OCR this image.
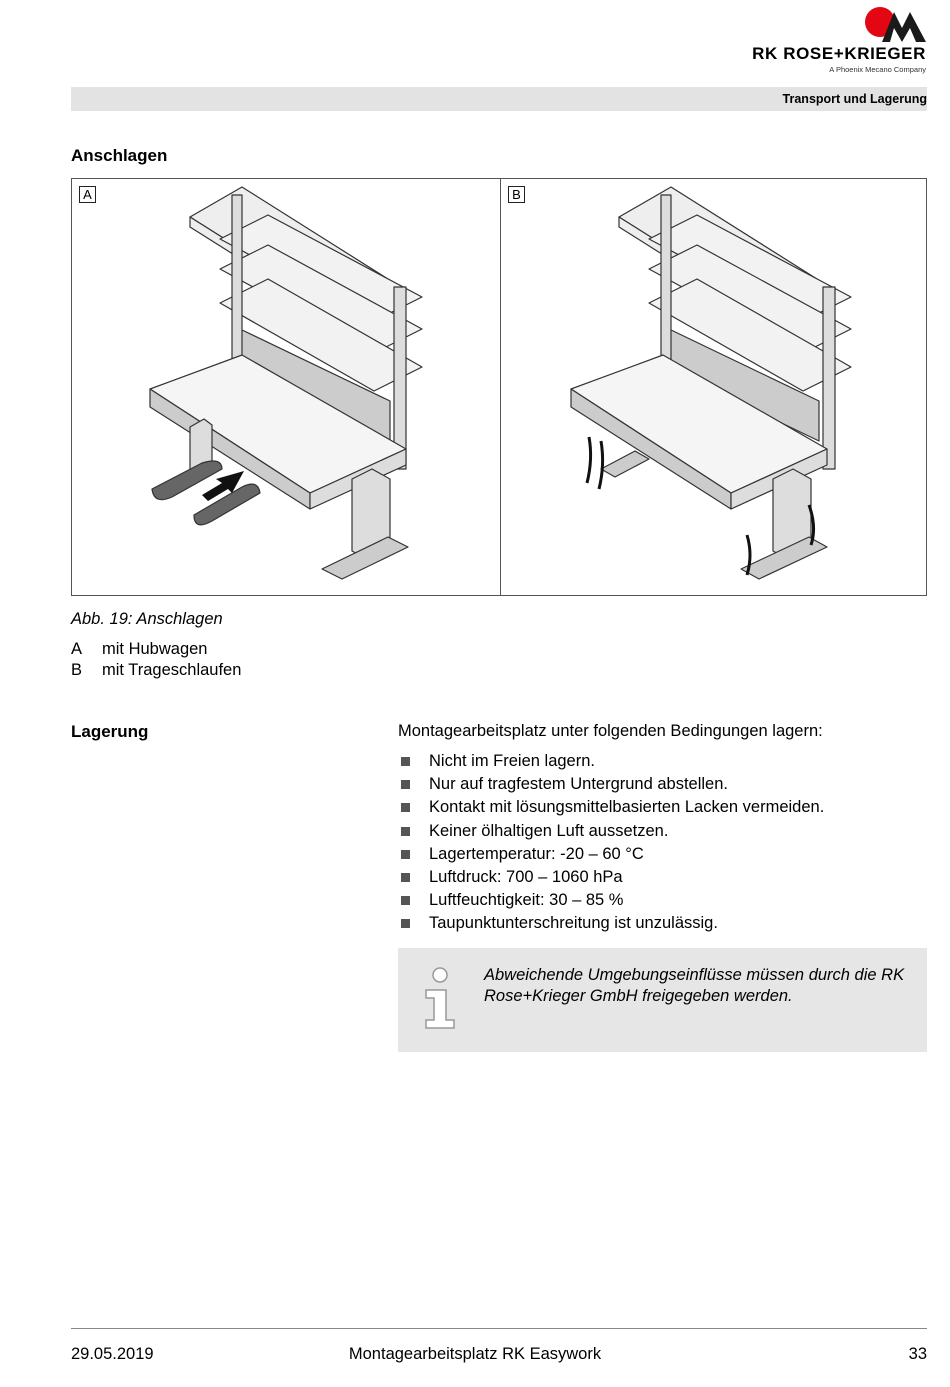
RK ROSE+KRIEGER
A Phoenix Mecano Company
Transport und Lagerung
Anschlagen
A	B
Abb. 19: Anschlagen
A mit Hubwagen
B mit Trageschlaufen
Lagerung	Montagearbeitsplatz unter folgenden Bedingungen lagern:
Nicht im Freien lagern.
Nur auf tragfestem Untergrund abstellen.
Kontakt mit lösungsmittelbasierten Lacken vermeiden.
Keiner ölhaltigen Luft aussetzen.
Lagertemperatur: -20 – 60 °C
Luftdruck: 700 – 1060 hPa
Luftfeuchtigkeit: 30 – 85 %
Taupunktunterschreitung ist unzulässig.
Abweichende Umgebungseinflüsse müssen durch die RK Rose+Krieger GmbH freigegeben werden.
29.05.2019	Montagearbeitsplatz RK Easywork	33
